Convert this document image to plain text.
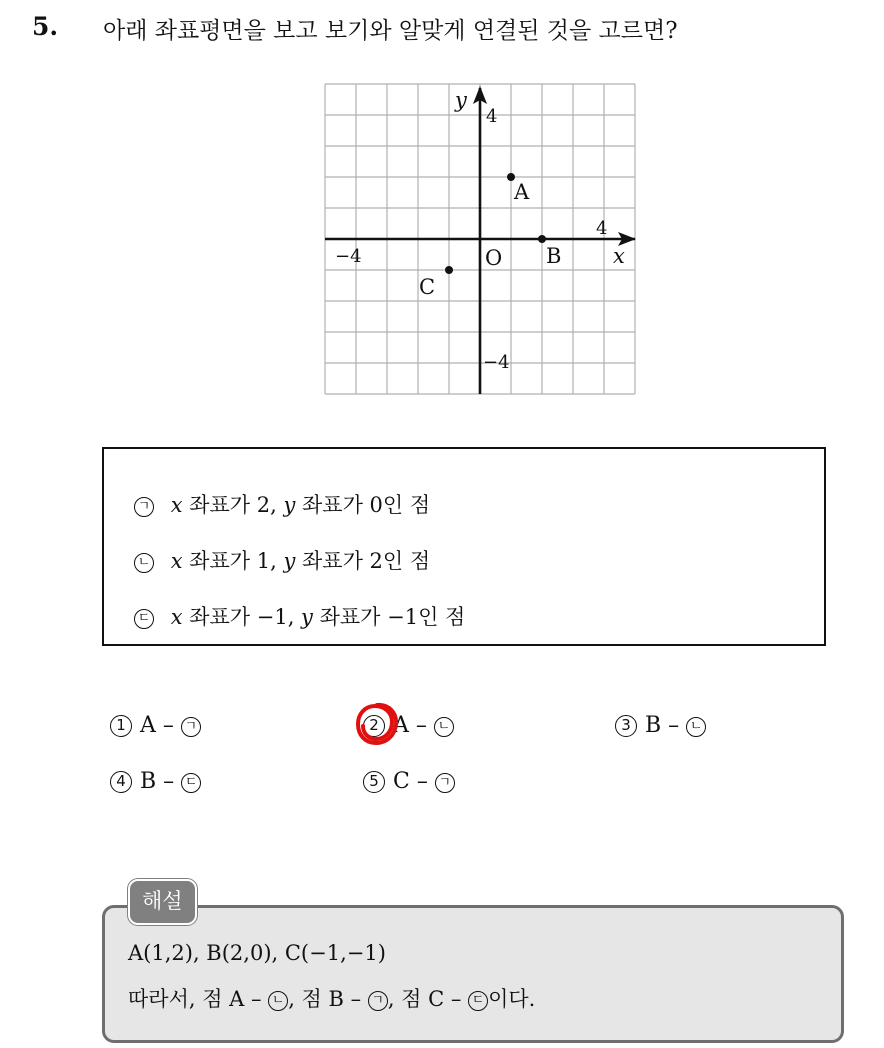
5. 아래 좌표평면을 보고 보기와 알맞게 연결된 것을 고르면?
y
x
4
4
−4
−4
O
A
B
C
ㄱ x 좌표가 2, y 좌표가 0인 점
ㄴ x 좌표가 1, y 좌표가 2인 점
ㄷ x 좌표가 −1, y 좌표가 −1인 점
1 A – ㄱ	2 A – ㄴ	3 B – ㄴ
4 B – ㄷ	5 C – ㄱ
해설
A(1,2), B(2,0), C(−1,−1)
따라서, 점 A – ㄴ , 점 B – ㄱ , 점 C – ㄷ 이다.
